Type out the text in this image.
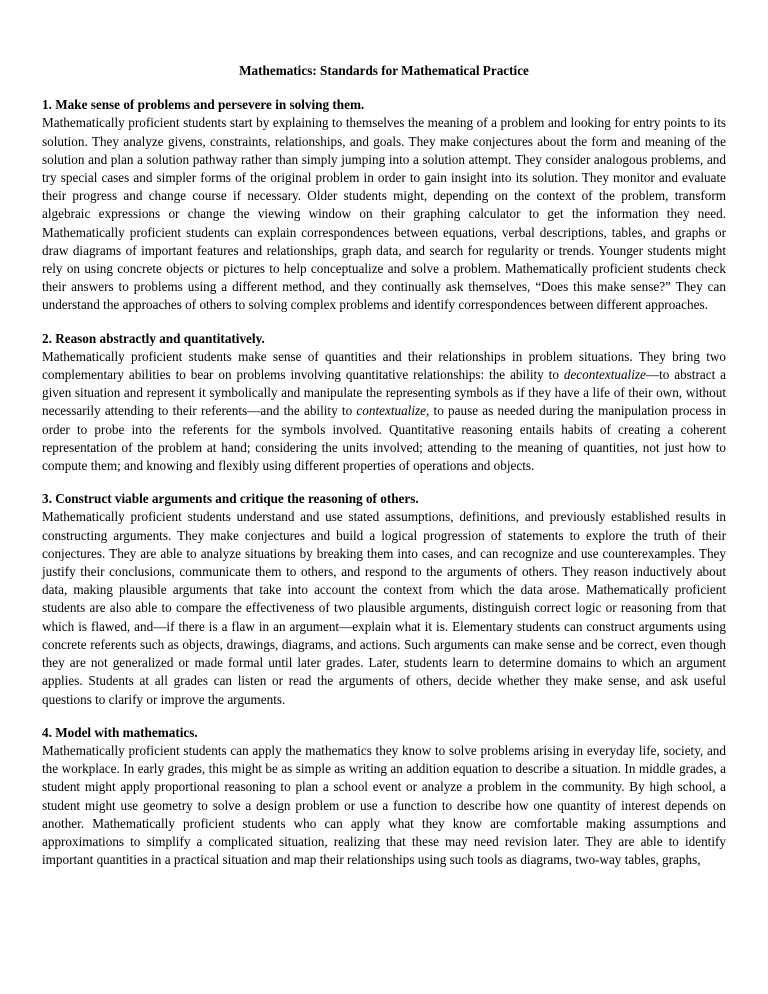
Mathematics: Standards for Mathematical Practice

1. Make sense of problems and persevere in solving them.

Mathematically proficient students start by explaining to themselves the meaning of a problem and looking for entry points to its solution. They analyze givens, constraints, relationships, and goals. They make conjectures about the form and meaning of the solution and plan a solution pathway rather than simply jumping into a solution attempt. They consider analogous problems, and try special cases and simpler forms of the original problem in order to gain insight into its solution. They monitor and evaluate their progress and change course if necessary. Older students might, depending on the context of the problem, transform algebraic expressions or change the viewing window on their graphing calculator to get the information they need. Mathematically proficient students can explain correspondences between equations, verbal descriptions, tables, and graphs or draw diagrams of important features and relationships, graph data, and search for regularity or trends. Younger students might rely on using concrete objects or pictures to help conceptualize and solve a problem. Mathematically proficient students check their answers to problems using a different method, and they continually ask themselves, “Does this make sense?” They can understand the approaches of others to solving complex problems and identify correspondences between different approaches.

2. Reason abstractly and quantitatively.

Mathematically proficient students make sense of quantities and their relationships in problem situations. They bring two complementary abilities to bear on problems involving quantitative relationships: the ability to decontextualize—to abstract a given situation and represent it symbolically and manipulate the representing symbols as if they have a life of their own, without necessarily attending to their referents—and the ability to contextualize, to pause as needed during the manipulation process in order to probe into the referents for the symbols involved. Quantitative reasoning entails habits of creating a coherent representation of the problem at hand; considering the units involved; attending to the meaning of quantities, not just how to compute them; and knowing and flexibly using different properties of operations and objects.

3. Construct viable arguments and critique the reasoning of others.

Mathematically proficient students understand and use stated assumptions, definitions, and previously established results in constructing arguments. They make conjectures and build a logical progression of statements to explore the truth of their conjectures. They are able to analyze situations by breaking them into cases, and can recognize and use counterexamples. They justify their conclusions, communicate them to others, and respond to the arguments of others. They reason inductively about data, making plausible arguments that take into account the context from which the data arose. Mathematically proficient students are also able to compare the effectiveness of two plausible arguments, distinguish correct logic or reasoning from that which is flawed, and—if there is a flaw in an argument—explain what it is. Elementary students can construct arguments using concrete referents such as objects, drawings, diagrams, and actions. Such arguments can make sense and be correct, even though they are not generalized or made formal until later grades. Later, students learn to determine domains to which an argument applies. Students at all grades can listen or read the arguments of others, decide whether they make sense, and ask useful questions to clarify or improve the arguments.

4. Model with mathematics.

Mathematically proficient students can apply the mathematics they know to solve problems arising in everyday life, society, and the workplace. In early grades, this might be as simple as writing an addition equation to describe a situation. In middle grades, a student might apply proportional reasoning to plan a school event or analyze a problem in the community. By high school, a student might use geometry to solve a design problem or use a function to describe how one quantity of interest depends on another. Mathematically proficient students who can apply what they know are comfortable making assumptions and approximations to simplify a complicated situation, realizing that these may need revision later. They are able to identify important quantities in a practical situation and map their relationships using such tools as diagrams, two-way tables, graphs,
